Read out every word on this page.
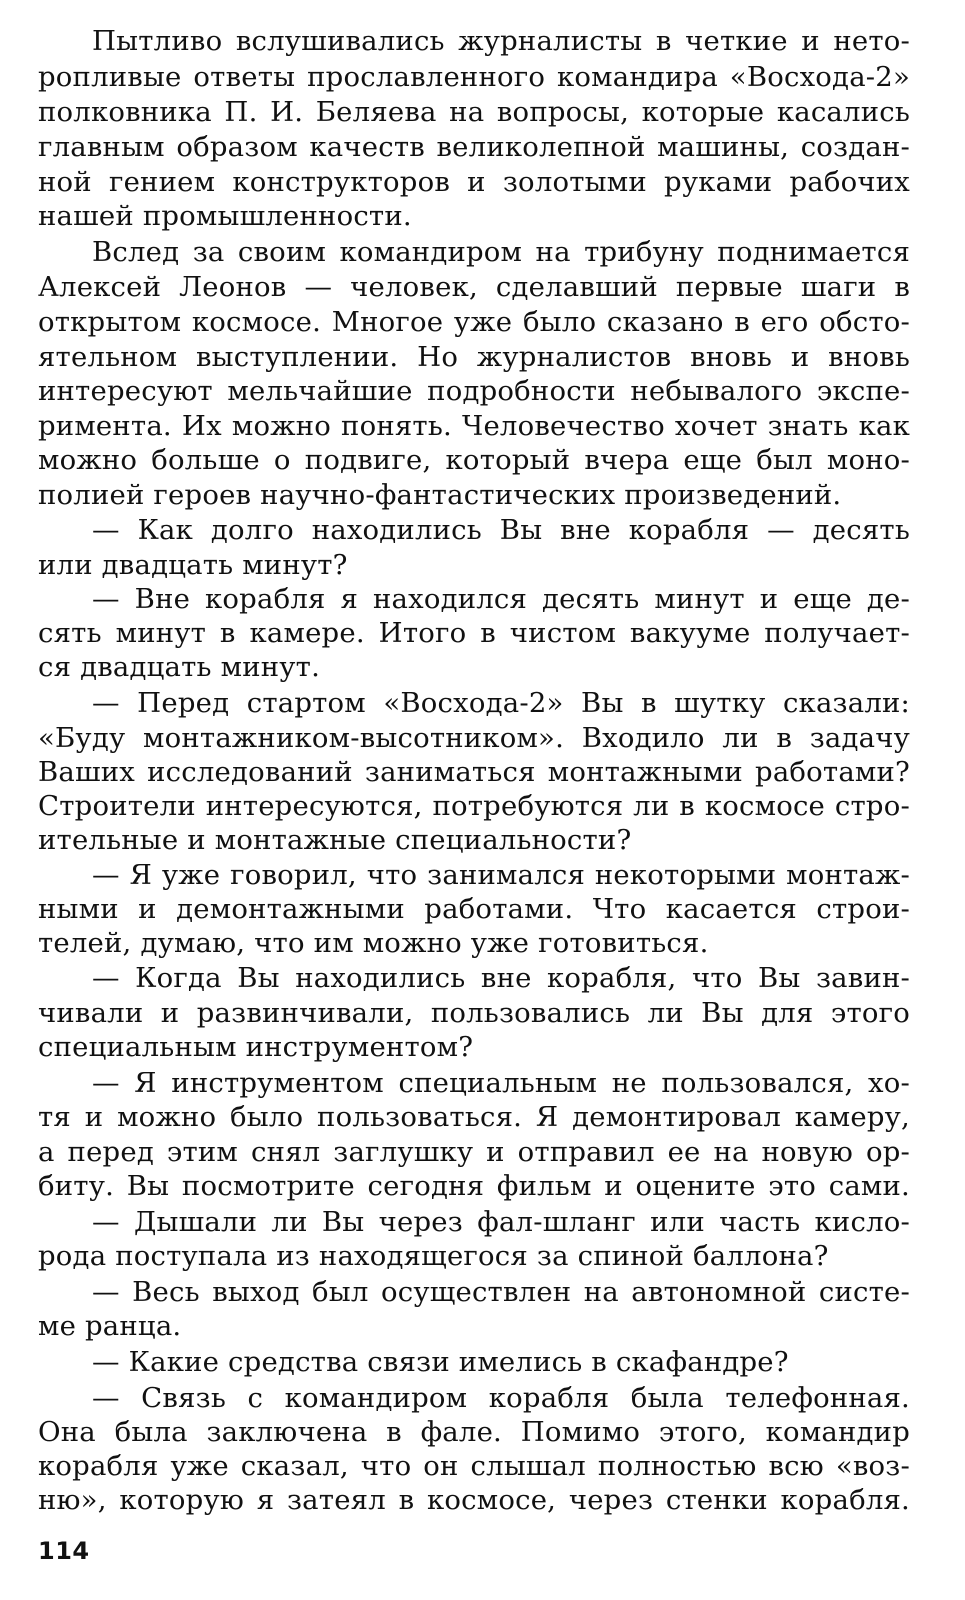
Пытливо вслушивались журналисты в четкие и нето-
ропливые ответы прославленного командира «Восхода-2»
полковника П. И. Беляева на вопросы, которые касались
главным образом качеств великолепной машины, создан-
ной гением конструкторов и золотыми руками рабочих
нашей промышленности.
Вслед за своим командиром на трибуну поднимается
Алексей Леонов — человек, сделавший первые шаги в
открытом космосе. Многое уже было сказано в его обсто-
ятельном выступлении. Но журналистов вновь и вновь
интересуют мельчайшие подробности небывалого экспе-
римента. Их можно понять. Человечество хочет знать как
можно больше о подвиге, который вчера еще был моно-
полией героев научно-фантастических произведений.
— Как долго находились Вы вне корабля — десять
или двадцать минут?
— Вне корабля я находился десять минут и еще де-
сять минут в камере. Итого в чистом вакууме получает-
ся двадцать минут.
— Перед стартом «Восхода-2» Вы в шутку сказали:
«Буду монтажником-высотником». Входило ли в задачу
Ваших исследований заниматься монтажными работами?
Строители интересуются, потребуются ли в космосе стро-
ительные и монтажные специальности?
— Я уже говорил, что занимался некоторыми монтаж-
ными и демонтажными работами. Что касается строи-
телей, думаю, что им можно уже готовиться.
— Когда Вы находились вне корабля, что Вы завин-
чивали и развинчивали, пользовались ли Вы для этого
специальным инструментом?
— Я инструментом специальным не пользовался, хо-
тя и можно было пользоваться. Я демонтировал камеру,
а перед этим снял заглушку и отправил ее на новую ор-
биту. Вы посмотрите сегодня фильм и оцените это сами.
— Дышали ли Вы через фал-шланг или часть кисло-
рода поступала из находящегося за спиной баллона?
— Весь выход был осуществлен на автономной систе-
ме ранца.
— Какие средства связи имелись в скафандре?
— Связь с командиром корабля была телефонная.
Она была заключена в фале. Помимо этого, командир
корабля уже сказал, что он слышал полностью всю «воз-
ню», которую я затеял в космосе, через стенки корабля.
114
